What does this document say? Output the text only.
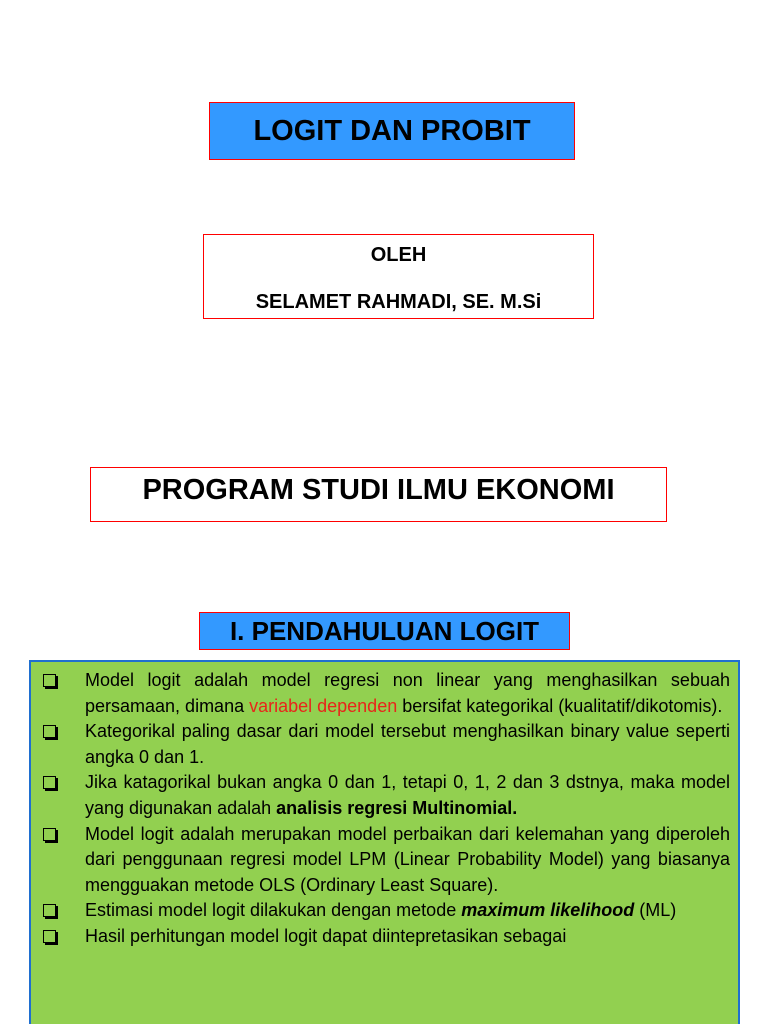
LOGIT DAN PROBIT
OLEH
SELAMET RAHMADI, SE. M.Si
PROGRAM STUDI ILMU EKONOMI
I. PENDAHULUAN LOGIT
Model logit adalah model regresi non linear yang menghasilkan sebuah persamaan, dimana variabel dependen bersifat kategorikal (kualitatif/dikotomis).
Kategorikal paling dasar dari model tersebut menghasilkan binary value seperti angka 0 dan 1.
Jika katagorikal bukan angka 0 dan 1, tetapi 0, 1, 2 dan 3 dstnya, maka model yang digunakan adalah analisis regresi Multinomial.
Model logit adalah merupakan model perbaikan dari kelemahan yang diperoleh dari penggunaan regresi model LPM (Linear Probability Model) yang biasanya mengguakan metode OLS (Ordinary Least Square).
Estimasi model logit dilakukan dengan metode maximum likelihood (ML)
Hasil perhitungan model logit dapat diintepretasikan sebagai
